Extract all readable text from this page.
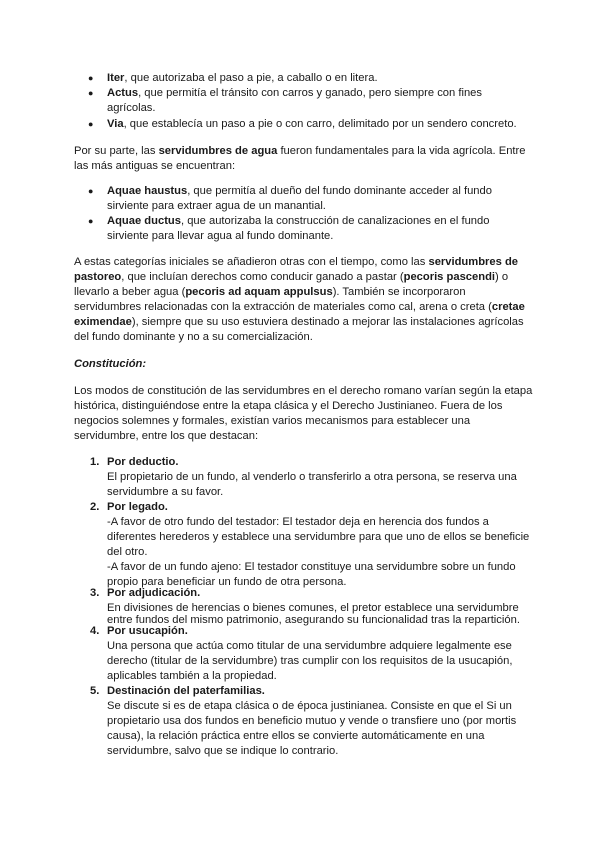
● Iter, que autorizaba el paso a pie, a caballo o en litera.
● Actus, que permitía el tránsito con carros y ganado, pero siempre con fines
agrícolas.
● Via, que establecía un paso a pie o con carro, delimitado por un sendero concreto.
Por su parte, las servidumbres de agua fueron fundamentales para la vida agrícola. Entre
las más antiguas se encuentran:
● Aquae haustus, que permitía al dueño del fundo dominante acceder al fundo
sirviente para extraer agua de un manantial.
● Aquae ductus, que autorizaba la construcción de canalizaciones en el fundo
sirviente para llevar agua al fundo dominante.
A estas categorías iniciales se añadieron otras con el tiempo, como las servidumbres de
pastoreo, que incluían derechos como conducir ganado a pastar (pecoris pascendi) o
llevarlo a beber agua (pecoris ad aquam appulsus). También se incorporaron
servidumbres relacionadas con la extracción de materiales como cal, arena o creta (cretae
eximendae), siempre que su uso estuviera destinado a mejorar las instalaciones agrícolas
del fundo dominante y no a su comercialización.
Constitución:
Los modos de constitución de las servidumbres en el derecho romano varían según la etapa
histórica, distinguiéndose entre la etapa clásica y el Derecho Justinianeo. Fuera de los
negocios solemnes y formales, existían varios mecanismos para establecer una
servidumbre, entre los que destacan:
1. Por deductio.
El propietario de un fundo, al venderlo o transferirlo a otra persona, se reserva una
servidumbre a su favor.
2. Por legado.
-A favor de otro fundo del testador: El testador deja en herencia dos fundos a
diferentes herederos y establece una servidumbre para que uno de ellos se beneficie
del otro.
-A favor de un fundo ajeno: El testador constituye una servidumbre sobre un fundo
propio para beneficiar un fundo de otra persona.
3. Por adjudicación.
En divisiones de herencias o bienes comunes, el pretor establece una servidumbre
entre fundos del mismo patrimonio, asegurando su funcionalidad tras la repartición.
4. Por usucapión.
Una persona que actúa como titular de una servidumbre adquiere legalmente ese
derecho (titular de la servidumbre) tras cumplir con los requisitos de la usucapión,
aplicables también a la propiedad.
5. Destinación del paterfamilias.
Se discute si es de etapa clásica o de época justinianea. Consiste en que el Si un
propietario usa dos fundos en beneficio mutuo y vende o transfiere uno (por mortis
causa), la relación práctica entre ellos se convierte automáticamente en una
servidumbre, salvo que se indique lo contrario.
